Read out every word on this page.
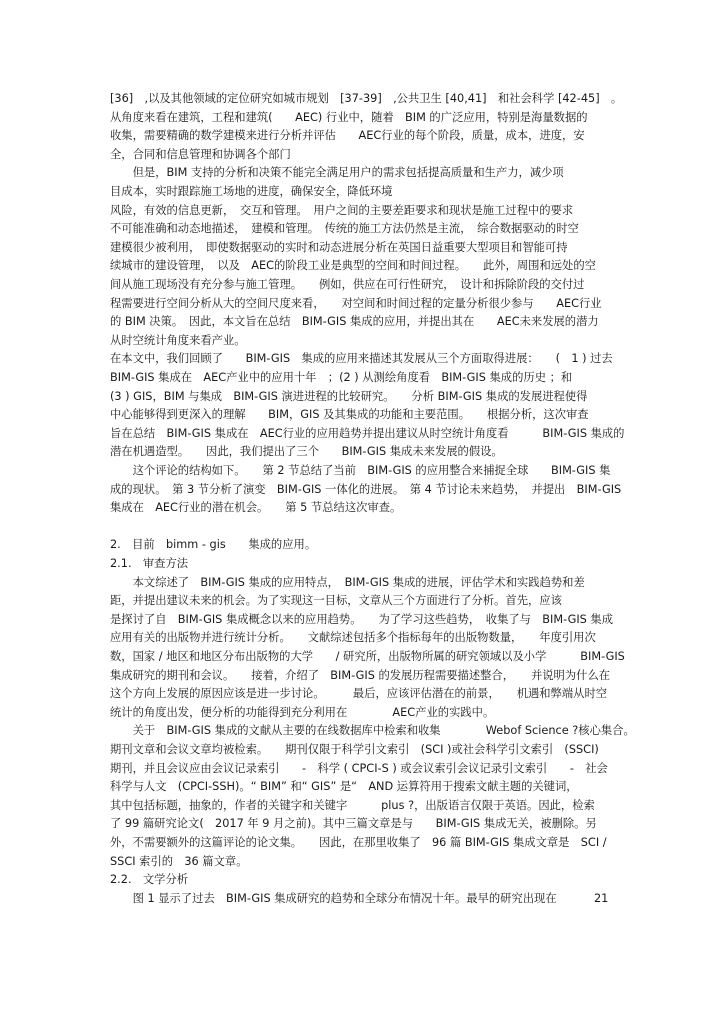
[36]　,以及其他领域的定位研究如城市规划　[37-39]　,公共卫生 [40,41]　和社会科学 [42-45]　。
从角度来看在建筑，工程和建筑(　　AEC) 行业中，随着　BIM 的广泛应用，特别是海量数据的
收集，需要精确的数学建模来进行分析并评估　　AEC行业的每个阶段，质量，成本，进度，安
全，合同和信息管理和协调各个部门
　　但是，BIM 支持的分析和决策不能完全满足用户的需求包括提高质量和生产力，减少项
目成本，实时跟踪施工场地的进度，确保安全，降低环境
风险，有效的信息更新，　交互和管理。　用户之间的主要差距要求和现状是施工过程中的要求
不可能准确和动态地描述，　建模和管理。　传统的施工方法仍然是主流，　综合数据驱动的时空
建模很少被利用，　即使数据驱动的实时和动态进展分析在英国日益重要大型项目和智能可持
续城市的建设管理，　以及　AEC的阶段工业是典型的空间和时间过程。　　此外，周围和远处的空
间从施工现场没有充分参与施工管理。　　例如，供应在可行性研究，　设计和拆除阶段的交付过
程需要进行空间分析从大的空间尺度来看，　　对空间和时间过程的定量分析很少参与　　AEC行业
的 BIM 决策。　因此，本文旨在总结　BIM-GIS 集成的应用，并提出其在　　AEC未来发展的潜力
从时空统计角度来看产业。
在本文中，我们回顾了　　BIM-GIS　集成的应用来描述其发展从三个方面取得进展：　　(　1 ) 过去
BIM-GIS 集成在　AEC产业中的应用十年　；(2 ) 从测绘角度看　BIM-GIS 集成的历史 ；和
(3 ) GIS，BIM 与集成　BIM-GIS 演进进程的比较研究。　　分析 BIM-GIS 集成的发展进程使得
中心能够得到更深入的理解　　BIM，GIS 及其集成的功能和主要范围。　　根据分析，这次审查
旨在总结　BIM-GIS 集成在　AEC行业的应用趋势并提出建议从时空统计角度看　　　BIM-GIS 集成的
潜在机遇造型。　　因此，我们提出了三个　　BIM-GIS 集成未来发展的假设。
　　这个评论的结构如下。　　第 2 节总结了当前　BIM-GIS 的应用整合来捕捉全球　　BIM-GIS 集
成的现状。　第 3 节分析了演变　BIM-GIS 一体化的进展。　第 4 节讨论未来趋势，　并提出　BIM-GIS
集成在　AEC行业的潜在机会。　　第 5 节总结这次审查。
2.　目前　bimm - gis　　集成的应用。
2.1.　审查方法
　　本文综述了　BIM-GIS 集成的应用特点，　BIM-GIS 集成的进展，评估学术和实践趋势和差
距，并提出建议未来的机会。为了实现这一目标，文章从三个方面进行了分析。首先，应该
是探讨了自　BIM-GIS 集成概念以来的应用趋势。　　为了学习这些趋势，　收集了与　BIM-GIS 集成
应用有关的出版物并进行统计分析。　　文献综述包括多个指标每年的出版物数量，　　年度引用次
数，国家 / 地区和地区分布出版物的大学　　/ 研究所，出版物所属的研究领域以及小学　　　BIM-GIS
集成研究的期刊和会议。　　接着，介绍了　BIM-GIS 的发展历程需要描述整合，　　并说明为什么在
这个方向上发展的原因应该是进一步讨论。　　　最后，应该评估潜在的前景，　　机遇和弊端从时空
统计的角度出发，便分析的功能得到充分利用在　　　　AEC产业的实践中。
　　关于　BIM-GIS 集成的文献从主要的在线数据库中检索和收集　　　　Webof Science ?核心集合。
期刊文章和会议文章均被检索。　　期刊仅限于科学引文索引　(SCI )或社会科学引文索引　(SSCI)
期刊，并且会议应由会议记录索引　　-　科学 ( CPCI-S ) 或会议索引会议记录引文索引　　-　社会
科学与人文　(CPCI-SSH)。“ BIM” 和“ GIS” 是“　AND 运算符用于搜索文献主题的关键词，
其中包括标题，抽象的，作者的关键字和关键字　　　plus ?，出版语言仅限于英语。因此，检索
了 99 篇研究论文(　2017 年 9 月之前)。其中三篇文章是与　　BIM-GIS 集成无关，被删除。另
外，不需要额外的这篇评论的论文集。　　因此，在那里收集了　96 篇 BIM-GIS 集成文章是　SCI /
SSCI 索引的　36 篇文章。
2.2.　文学分析
　　图 1 显示了过去　BIM-GIS 集成研究的趋势和全球分布情况十年。最早的研究出现在	21
